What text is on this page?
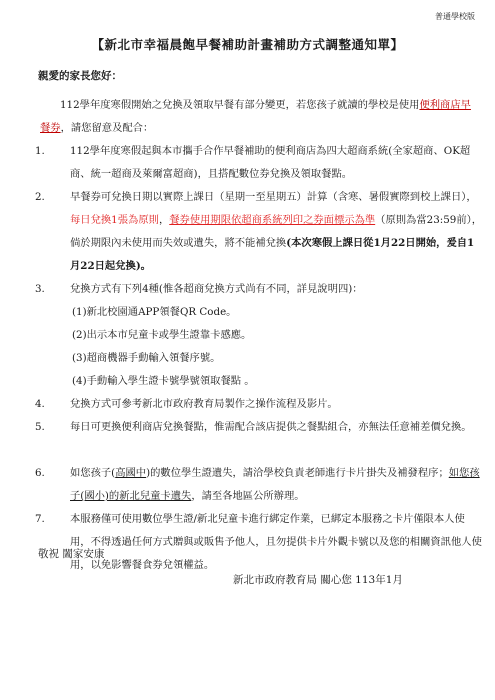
普通學校版
【新北市幸福晨飽早餐補助計畫補助方式調整通知單】
親愛的家長您好：
112學年度寒假開始之兌換及領取早餐有部分變更，若您孩子就讀的學校是使用便利商店早餐券，請您留意及配合：
1.	112學年度寒假起與本市攜手合作早餐補助的便利商店為四大超商系統(全家超商、OK超商、統一超商及萊爾富超商)，且搭配數位券兌換及領取餐點。
2.	早餐券可兌換日期以實際上課日（星期一至星期五）計算（含寒、暑假實際到校上課日），每日兌換1張為原則，餐券使用期限依超商系統列印之券面標示為準（原則為當23:59前），倘於期限內未使用而失效或遺失，將不能補兌換(本次寒假上課日從1月22日開始，爰自1月22日起兌換)。
3.	兌換方式有下列4種(惟各超商兌換方式尚有不同，詳見說明四)：
(1)新北校園通APP領餐QR Code。
(2)出示本市兒童卡或學生證靠卡感應。
(3)超商機器手動輸入領餐序號。
(4)手動輸入學生證卡號學號領取餐點 。
4.	兌換方式可參考新北市政府教育局製作之操作流程及影片。
5.	每日可更換便利商店兌換餐點，惟需配合該店提供之餐點組合，亦無法任意補差價兌換。
6.	如您孩子(高國中)的數位學生證遺失，請洽學校負責老師進行卡片掛失及補發程序；如您孩子(國小)的新北兒童卡遺失，請至各地區公所辦理。
7.	本服務僅可使用數位學生證/新北兒童卡進行綁定作業，已綁定本服務之卡片僅限本人使用，不得透過任何方式贈與或販售予他人，且勿提供卡片外觀卡號以及您的相關資訊他人使用，以免影響餐食券兌領權益。
敬祝 闔家安康
新北市政府教育局 關心您 113年1月
